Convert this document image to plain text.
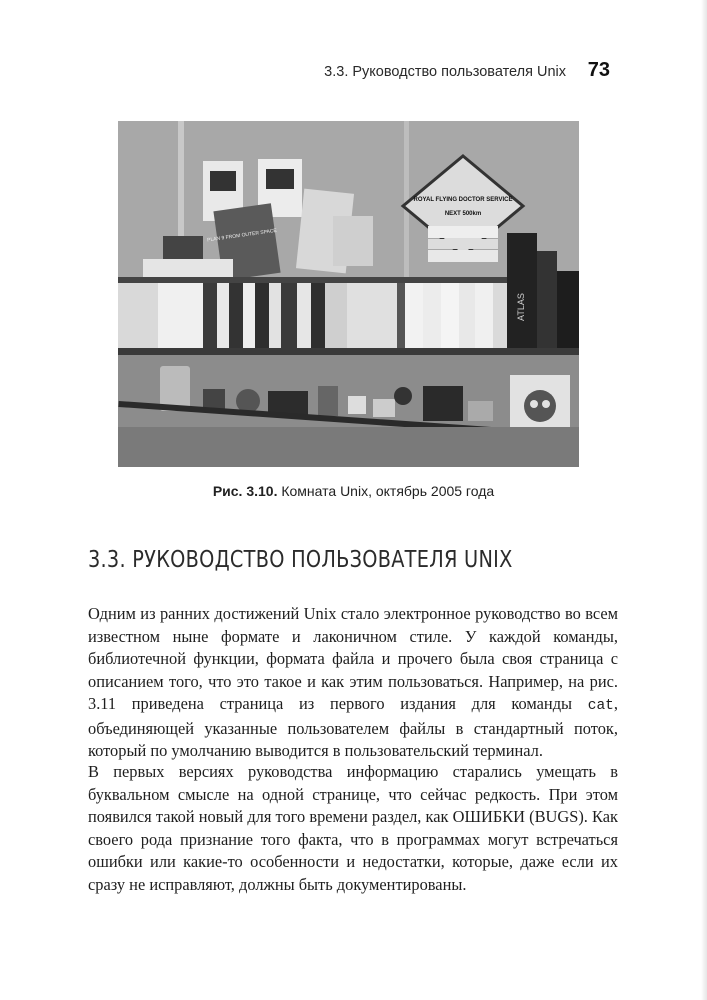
3.3. Руководство пользователя Unix	73
ROYAL FLYING DOCTOR SERVICE
NEXT 500km
PLAN 9 FROM OUTER SPACE
ATLAS
Рис. 3.10. Комната Unix, октябрь 2005 года
3.3. РУКОВОДСТВО ПОЛЬЗОВАТЕЛЯ UNIX

Одним из ранних достижений Unix стало электронное руководство во всем известном ныне формате и лаконичном стиле. У каждой команды, библиотечной функции, формата файла и прочего была своя страница с описанием того, что это такое и как этим пользоваться. Например, на рис. 3.11 приведена страница из первого издания для команды cat, объединяющей указанные пользователем файлы в стандартный поток, который по умолчанию выводится в пользовательский терминал.

В первых версиях руководства информацию старались умещать в буквальном смысле на одной странице, что сейчас редкость. При этом появился такой новый для того времени раздел, как ОШИБКИ (BUGS). Как своего рода признание того факта, что в программах могут встречаться ошибки или какие-то особенности и недостатки, которые, даже если их сразу не исправляют, должны быть документированы.
